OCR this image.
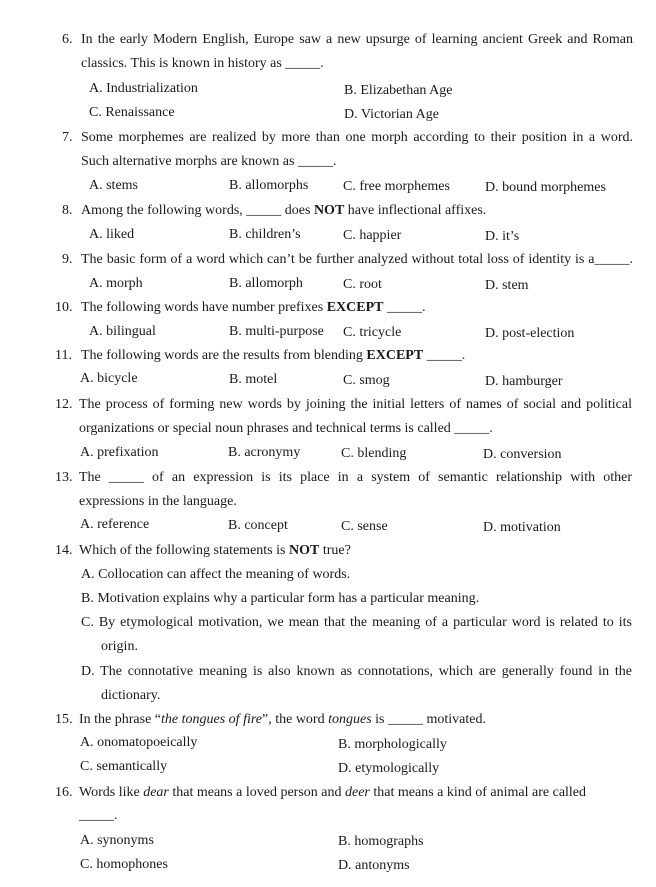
6. In the early Modern English, Europe saw a new upsurge of learning ancient Greek and Roman
classics. This is known in history as _____.
A. Industrialization	B. Elizabethan Age
C. Renaissance	D. Victorian Age
7. Some morphemes are realized by more than one morph according to their position in a word.
Such alternative morphs are known as _____.
A. stems	B. allomorphs C. free morphemes	D. bound morphemes
8. Among the following words, _____ does NOT have inflectional affixes.
A. liked	B. children’s	C. happier	D. it’s
9. The basic form of a word which can’t be further analyzed without total loss of identity is a_____.
A. morph	B. allomorph	C. root	D. stem
10. The following words have number prefixes EXCEPT _____.
A. bilingual	B. multi-purpose C. tricycle	D. post-election
11. The following words are the results from blending EXCEPT _____.
A. bicycle	B. motel	C. smog	D. hamburger
12. The process of forming new words by joining the initial letters of names of social and political
organizations or special noun phrases and technical terms is called _____.
A. prefixation	B. acronymy	C. blending	D. conversion
13. The _____ of an expression is its place in a system of semantic relationship with other
expressions in the language.
A. reference	B. concept	C. sense	D. motivation
14. Which of the following statements is NOT true?
A. Collocation can affect the meaning of words.
B. Motivation explains why a particular form has a particular meaning.
C. By etymological motivation, we mean that the meaning of a particular word is related to its
origin.
D. The connotative meaning is also known as connotations, which are generally found in the
dictionary.
15. In the phrase “the tongues of fire”, the word tongues is _____ motivated.
A. onomatopoeically	B. morphologically
C. semantically	D. etymologically
16. Words like dear that means a loved person and deer that means a kind of animal are called
_____.
A. synonyms	B. homographs
C. homophones	D. antonyms
